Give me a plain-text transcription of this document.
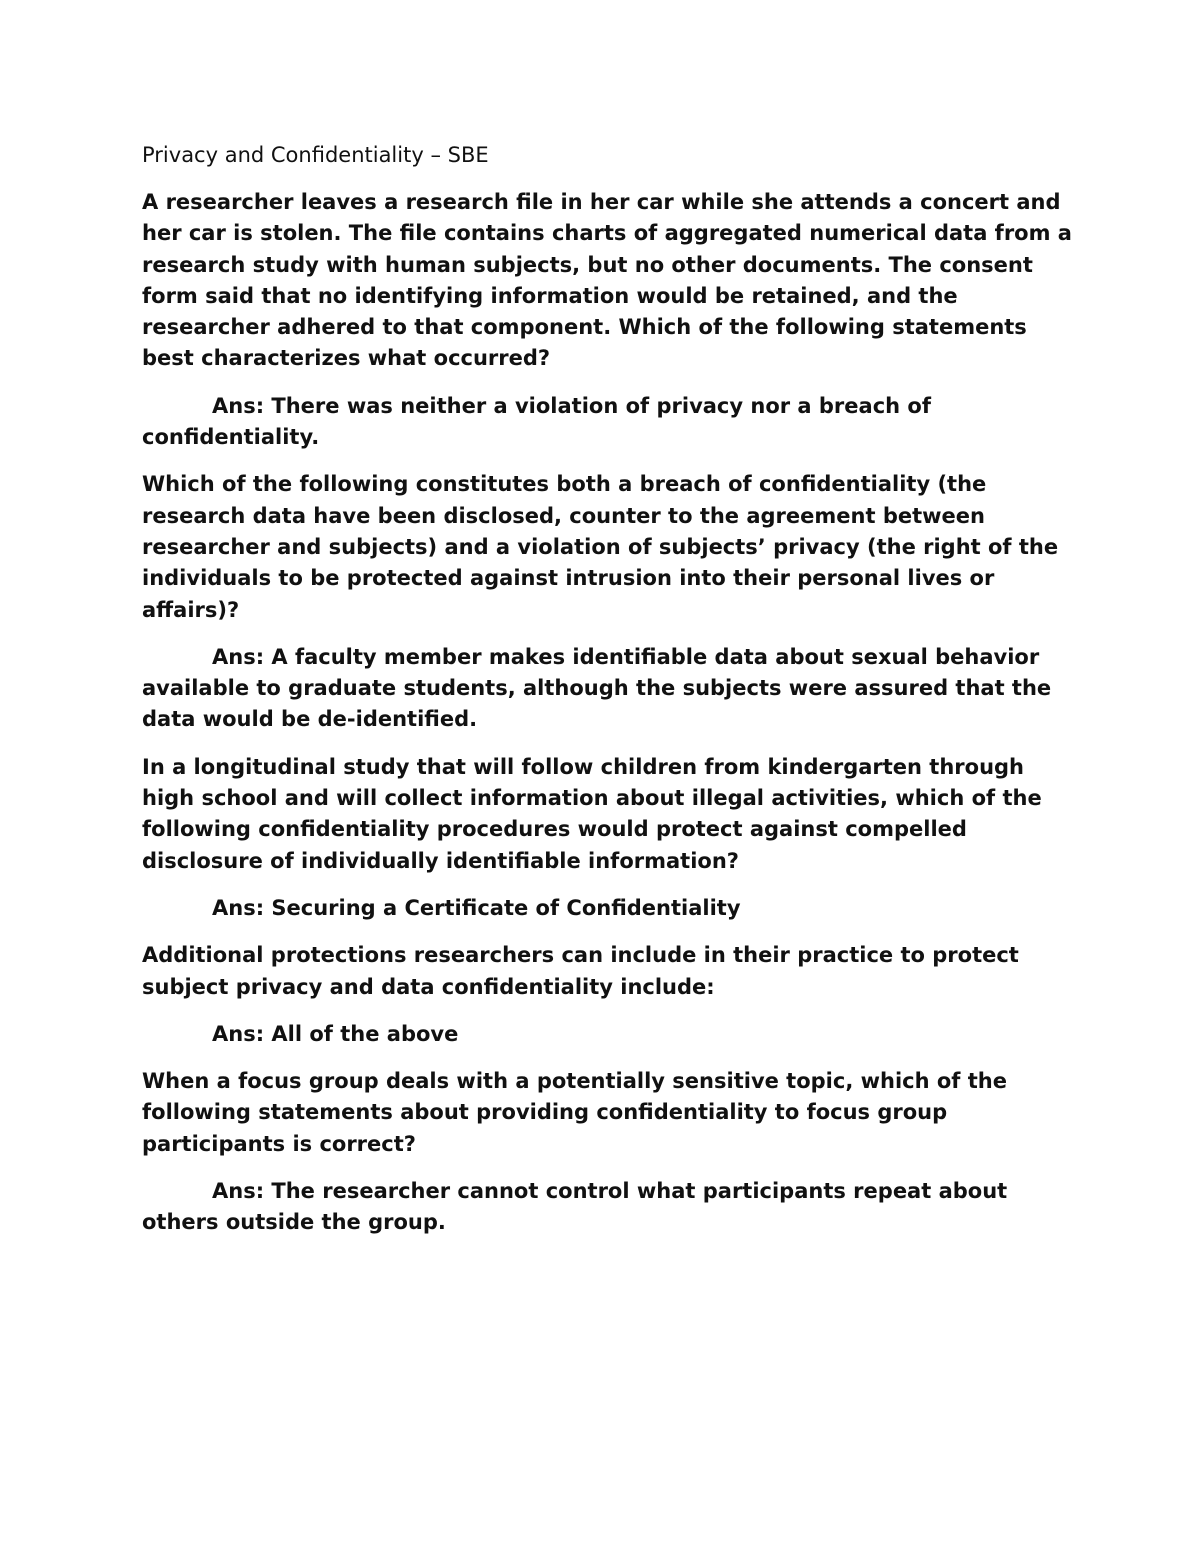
Privacy and Confidentiality – SBE

A researcher leaves a research file in her car while she attends a concert and her car is stolen. The file contains charts of aggregated numerical data from a research study with human subjects, but no other documents. The consent form said that no identifying information would be retained, and the researcher adhered to that component. Which of the following statements best characterizes what occurred?

Ans: There was neither a violation of privacy nor a breach of confidentiality.

Which of the following constitutes both a breach of confidentiality (the research data have been disclosed, counter to the agreement between researcher and subjects) and a violation of subjects’ privacy (the right of the individuals to be protected against intrusion into their personal lives or affairs)?

Ans: A faculty member makes identifiable data about sexual behavior available to graduate students, although the subjects were assured that the data would be de-identified.

In a longitudinal study that will follow children from kindergarten through high school and will collect information about illegal activities, which of the following confidentiality procedures would protect against compelled disclosure of individually identifiable information?

Ans: Securing a Certificate of Confidentiality

Additional protections researchers can include in their practice to protect subject privacy and data confidentiality include:

Ans: All of the above

When a focus group deals with a potentially sensitive topic, which of the following statements about providing confidentiality to focus group participants is correct?

Ans: The researcher cannot control what participants repeat about others outside the group.
